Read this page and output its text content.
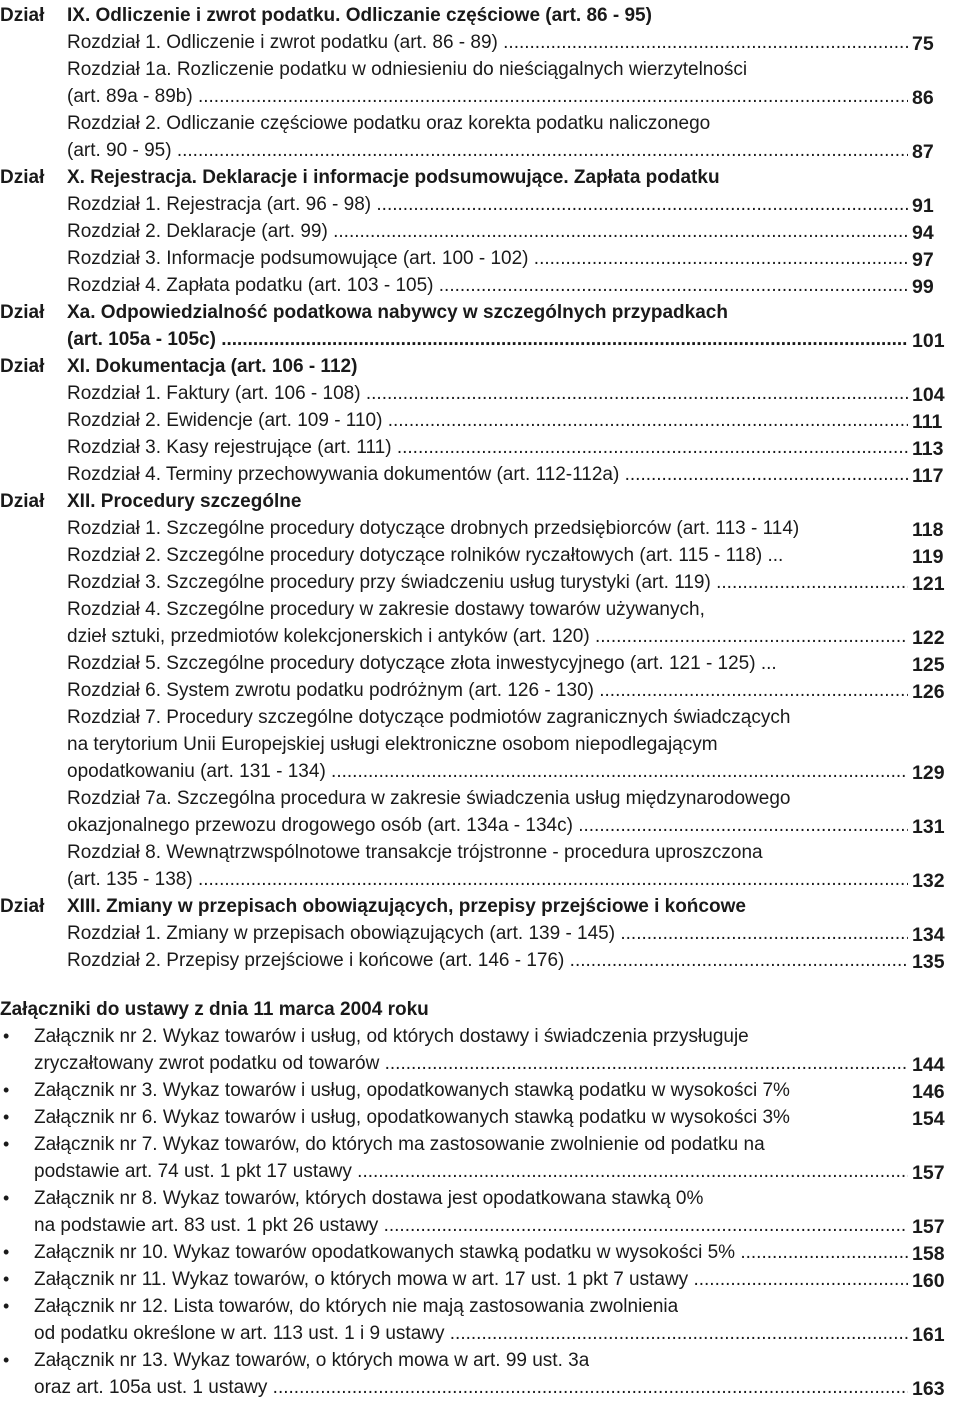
Dział IX. Odliczenie i zwrot podatku. Odliczanie częściowe (art. 86 - 95)
Rozdział 1. Odliczenie i zwrot podatku (art. 86 - 89) .....	75
Rozdział 1a. Rozliczenie podatku w odniesieniu do nieściągalnych wierzytelności
(art. 89a - 89b) .....	86
Rozdział 2. Odliczanie częściowe podatku oraz korekta podatku naliczonego
(art. 90 - 95) .....	87
Dział X. Rejestracja. Deklaracje i informacje podsumowujące. Zapłata podatku
Rozdział 1. Rejestracja (art. 96 - 98) .....	91
Rozdział 2. Deklaracje (art. 99) .....	94
Rozdział 3. Informacje podsumowujące (art. 100 - 102) .....	97
Rozdział 4. Zapłata podatku (art. 103 - 105) .....	99
Dział Xa. Odpowiedzialność podatkowa nabywcy w szczególnych przypadkach
(art. 105a - 105c) .....	101
Dział XI. Dokumentacja (art. 106 - 112)
Rozdział 1. Faktury (art. 106 - 108) .....	104
Rozdział 2. Ewidencje (art. 109 - 110) .....	111
Rozdział 3. Kasy rejestrujące (art. 111) .....	113
Rozdział 4. Terminy przechowywania dokumentów (art. 112-112a) .....	117
Dział XII. Procedury szczególne
Rozdział 1. Szczególne procedury dotyczące drobnych przedsiębiorców (art. 113 - 114)	118
Rozdział 2. Szczególne procedury dotyczące rolników ryczałtowych (art. 115 - 118) ...	119
Rozdział 3. Szczególne procedury przy świadczeniu usług turystyki (art. 119) .....	121
Rozdział 4. Szczególne procedury w zakresie dostawy towarów używanych,
dzieł sztuki, przedmiotów kolekcjonerskich i antyków (art. 120) .....	122
Rozdział 5. Szczególne procedury dotyczące złota inwestycyjnego (art. 121 - 125) ...	125
Rozdział 6. System zwrotu podatku podróżnym (art. 126 - 130) .....	126
Rozdział 7. Procedury szczególne dotyczące podmiotów zagranicznych świadczących
na terytorium Unii Europejskiej usługi elektroniczne osobom niepodlegającym
opodatkowaniu (art. 131 - 134) .....	129
Rozdział 7a. Szczególna procedura w zakresie świadczenia usług międzynarodowego
okazjonalnego przewozu drogowego osób (art. 134a - 134c) .....	131
Rozdział 8. Wewnątrzwspólnotowe transakcje trójstronne - procedura uproszczona
(art. 135 - 138) .....	132
Dział XIII. Zmiany w przepisach obowiązujących, przepisy przejściowe i końcowe
Rozdział 1. Zmiany w przepisach obowiązujących (art. 139 - 145) .....	134
Rozdział 2. Przepisy przejściowe i końcowe (art. 146 - 176) .....	135
Załączniki do ustawy z dnia 11 marca 2004 roku
• Załącznik nr 2. Wykaz towarów i usług, od których dostawy i świadczenia przysługuje
zryczałtowany zwrot podatku od towarów .....	144
• Załącznik nr 3. Wykaz towarów i usług, opodatkowanych stawką podatku w wysokości 7%	146
• Załącznik nr 6. Wykaz towarów i usług, opodatkowanych stawką podatku w wysokości 3%	154
• Załącznik nr 7. Wykaz towarów, do których ma zastosowanie zwolnienie od podatku na
podstawie art. 74 ust. 1 pkt 17 ustawy .....	157
• Załącznik nr 8. Wykaz towarów, których dostawa jest opodatkowana stawką 0%
na podstawie art. 83 ust. 1 pkt 26 ustawy .....	157
• Załącznik nr 10. Wykaz towarów opodatkowanych stawką podatku w wysokości 5% .....	158
• Załącznik nr 11. Wykaz towarów, o których mowa w art. 17 ust. 1 pkt 7 ustawy .....	160
• Załącznik nr 12. Lista towarów, do których nie mają zastosowania zwolnienia
od podatku określone w art. 113 ust. 1 i 9 ustawy .....	161
• Załącznik nr 13. Wykaz towarów, o których mowa w art. 99 ust. 3a
oraz art. 105a ust. 1 ustawy .....	163
